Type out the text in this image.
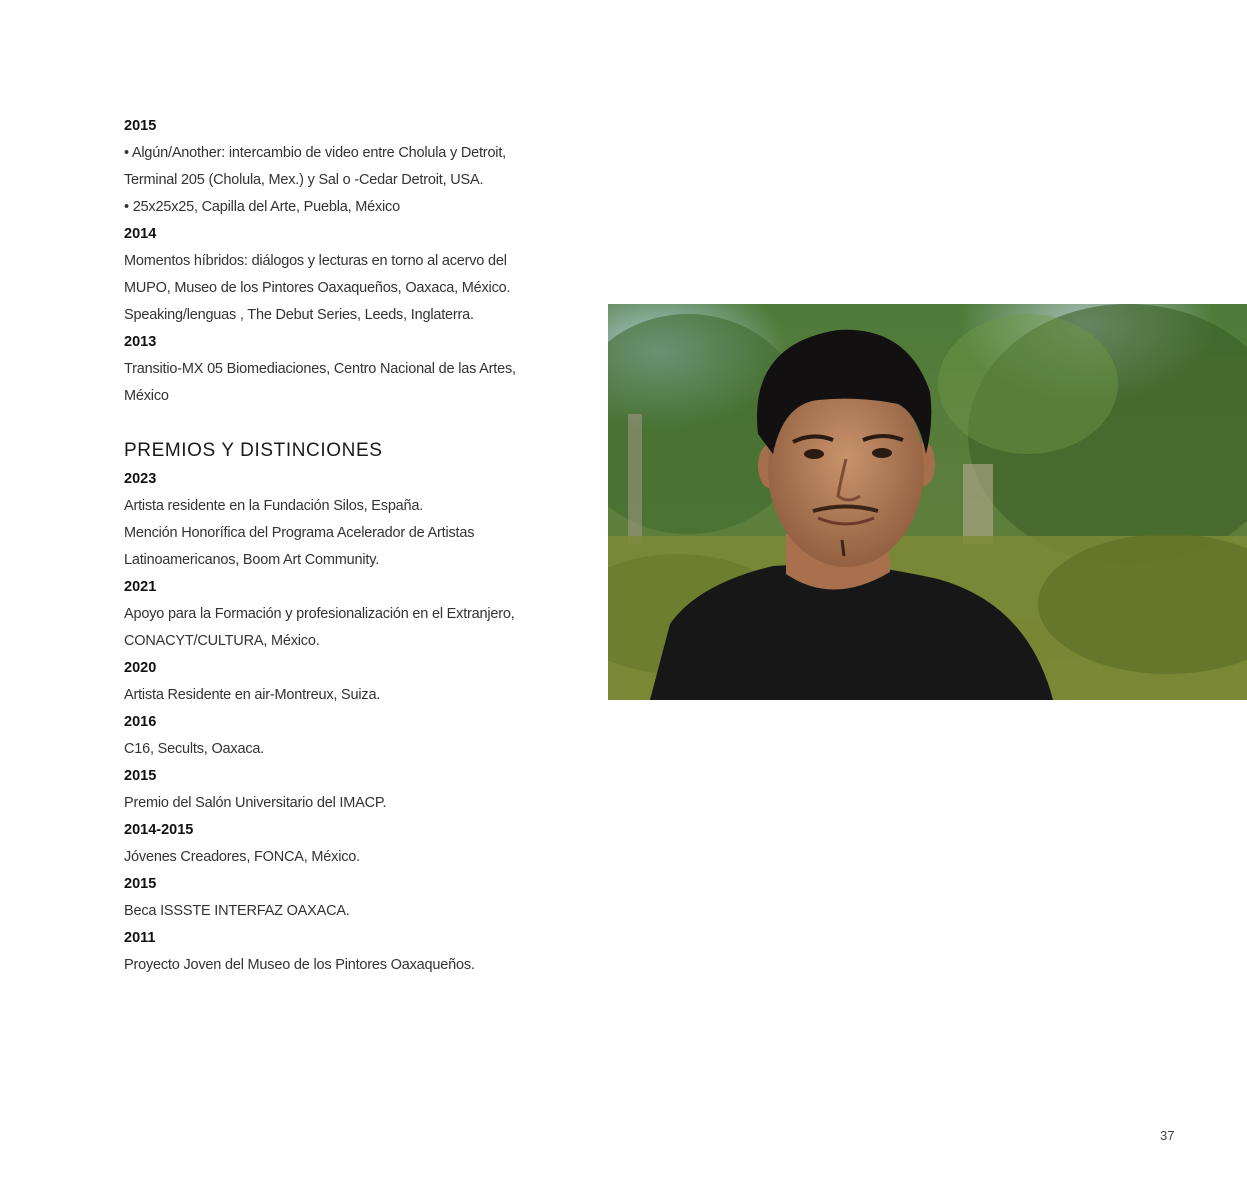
2015
• Algún/Another: intercambio de video entre Cholula y Detroit,
Terminal 205 (Cholula, Mex.) y Sal o -Cedar Detroit, USA.
• 25x25x25, Capilla del Arte, Puebla, México
2014
Momentos híbridos: diálogos y lecturas en torno al acervo del
MUPO, Museo de los Pintores Oaxaqueños, Oaxaca, México.
Speaking/lenguas , The Debut Series, Leeds, Inglaterra.
2013
Transitio-MX 05 Biomediaciones, Centro Nacional de las Artes,
México
PREMIOS Y DISTINCIONES
2023
Artista residente en la Fundación Silos, España.
Mención Honorífica del Programa Acelerador de Artistas
Latinoamericanos, Boom Art Community.
2021
Apoyo para la Formación y profesionalización en el Extranjero,
CONACYT/CULTURA, México.
2020
Artista Residente en air-Montreux, Suiza.
2016
C16, Secults, Oaxaca.
2015
Premio del Salón Universitario del IMACP.
2014-2015
Jóvenes Creadores, FONCA, México.
2015
Beca ISSSTE INTERFAZ OAXACA.
2011
Proyecto Joven del Museo de los Pintores Oaxaqueños.
37
